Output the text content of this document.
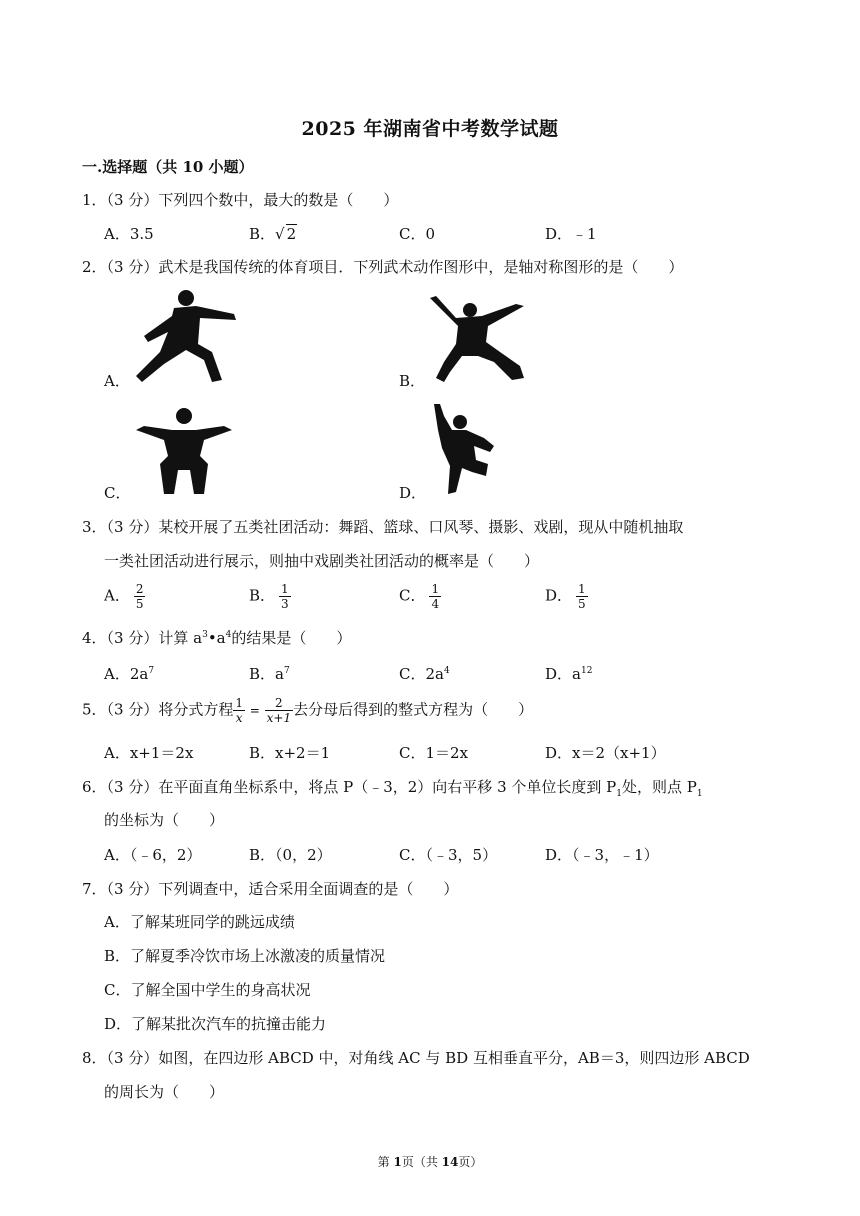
2025 年湖南省中考数学试题
一.选择题（共 10 小题）
1．（3 分）下列四个数中，最大的数是（　　）
A．3.5	B．√ 2	C．0	D．﹣1
2．（3 分）武术是我国传统的体育项目．下列武术动作图形中，是轴对称图形的是（　　）
A．	B．
C．	D．
3．（3 分）某校开展了五类社团活动：舞蹈、篮球、口风琴、摄影、戏剧，现从中随机抽取
一类社团活动进行展示，则抽中戏剧类社团活动的概率是（　　）
A． $\frac{2}{5}$	B． $\frac{1}{3}$	C． $\frac{1}{4}$	D． $\frac{1}{5}$
4．（3 分）计算 $a^3•a^4$的结果是（　　）
A．$2a^7$	B．$a^7$	C．$2a^4$	D．$a^{12}$
5．（3 分）将分式方程 $\frac{1}{x} = \frac{2}{x+1}$ 去分母后得到的整式方程为（　　）
A．x+1＝2x	B．x+2＝1	C．1＝2x	D．x＝2（x+1）
6．（3 分）在平面直角坐标系中，将点 P（﹣3，2）向右平移 3 个单位长度到 $P_1$处，则点 $P_1$
的坐标为（　　）
A．（﹣6，2）	B．（0，2）	C．（﹣3，5）	D．（﹣3，﹣1）
7．（3 分）下列调查中，适合采用全面调查的是（　　）
A．了解某班同学的跳远成绩
B．了解夏季冷饮市场上冰激凌的质量情况
C．了解全国中学生的身高状况
D．了解某批次汽车的抗撞击能力
8．（3 分）如图，在四边形 ABCD 中，对角线 AC 与 BD 互相垂直平分，AB＝3，则四边形 ABCD
的周长为（　　）
第 1页（共 14页）
